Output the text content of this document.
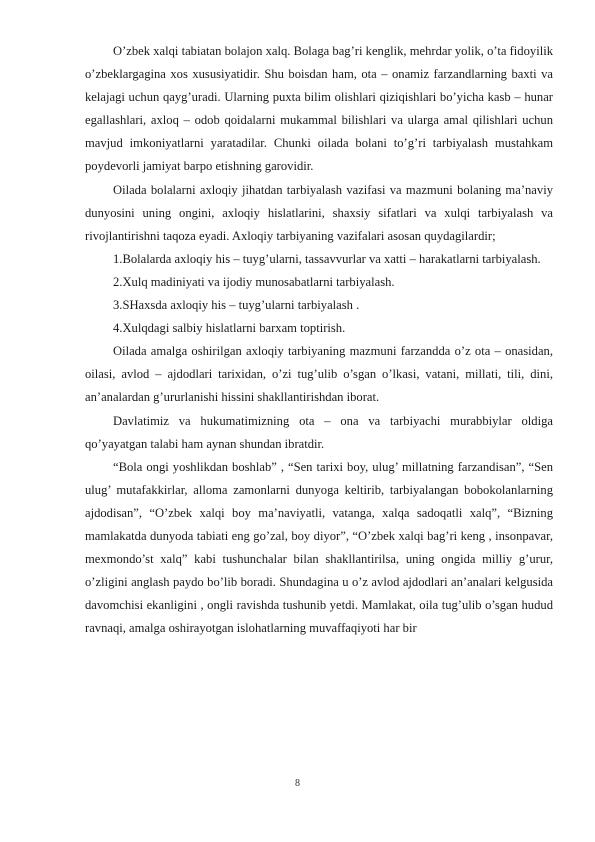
O’zbek xalqi tabiatan bolajon xalq. Bolaga bag’ri kenglik, mehrdar yolik, o’ta fidoyilik o’zbeklargagina xos xususiyatidir. Shu boisdan ham, ota – onamiz farzandlarning baxti va kelajagi uchun qayg’uradi. Ularning puxta bilim olishlari qiziqishlari bo’yicha kasb – hunar egallashlari, axloq – odob qoidalarni mukammal bilishlari va ularga amal qilishlari uchun mavjud imkoniyatlarni yaratadilar. Chunki oilada bolani to’g’ri tarbiyalash mustahkam poydevorli jamiyat barpo etishning garovidir.

Oilada bolalarni axloqiy jihatdan tarbiyalash vazifasi va mazmuni bolaning ma’naviy dunyosini uning ongini, axloqiy hislatlarini, shaxsiy sifatlari va xulqi tarbiyalash va rivojlantirishni taqoza eyadi. Axloqiy tarbiyaning vazifalari asosan quydagilardir;

1.Bolalarda axloqiy his – tuyg’ularni, tassavvurlar va xatti – harakatlarni tarbiyalash.

2.Xulq madiniyati va ijodiy munosabatlarni tarbiyalash.

3.SHaxsda axloqiy his – tuyg’ularni tarbiyalash .

4.Xulqdagi salbiy hislatlarni barxam toptirish.

Oilada amalga oshirilgan axloqiy tarbiyaning mazmuni farzandda o’z ota – onasidan, oilasi, avlod – ajdodlari tarixidan, o’zi tug’ulib o’sgan o’lkasi, vatani, millati, tili, dini, an’analardan g’ururlanishi hissini shakllantirishdan iborat.

Davlatimiz va hukumatimizning ota – ona va tarbiyachi murabbiylar oldiga qo’yayatgan talabi ham aynan shundan ibratdir.

“Bola ongi yoshlikdan boshlab” , “Sen tarixi boy, ulug’ millatning farzandisan”, “Sen ulug’ mutafakkirlar, alloma zamonlarni dunyoga keltirib, tarbiyalangan bobokolanlarning ajdodisan”, “O’zbek xalqi boy ma’naviyatli, vatanga, xalqa sadoqatli xalq”, “Bizning mamlakatda dunyoda tabiati eng go’zal, boy diyor”, “O’zbek xalqi bag’ri keng , insonpavar, mexmondo’st xalq” kabi tushunchalar bilan shakllantirilsa, uning ongida milliy g’urur, o’zligini anglash paydo bo’lib boradi. Shundagina u o’z avlod ajdodlari an’analari kelgusida davomchisi ekanligini , ongli ravishda tushunib yetdi. Mamlakat, oila tug’ulib o’sgan hudud ravnaqi, amalga oshirayotgan islohatlarning muvaffaqiyoti har bir

8
